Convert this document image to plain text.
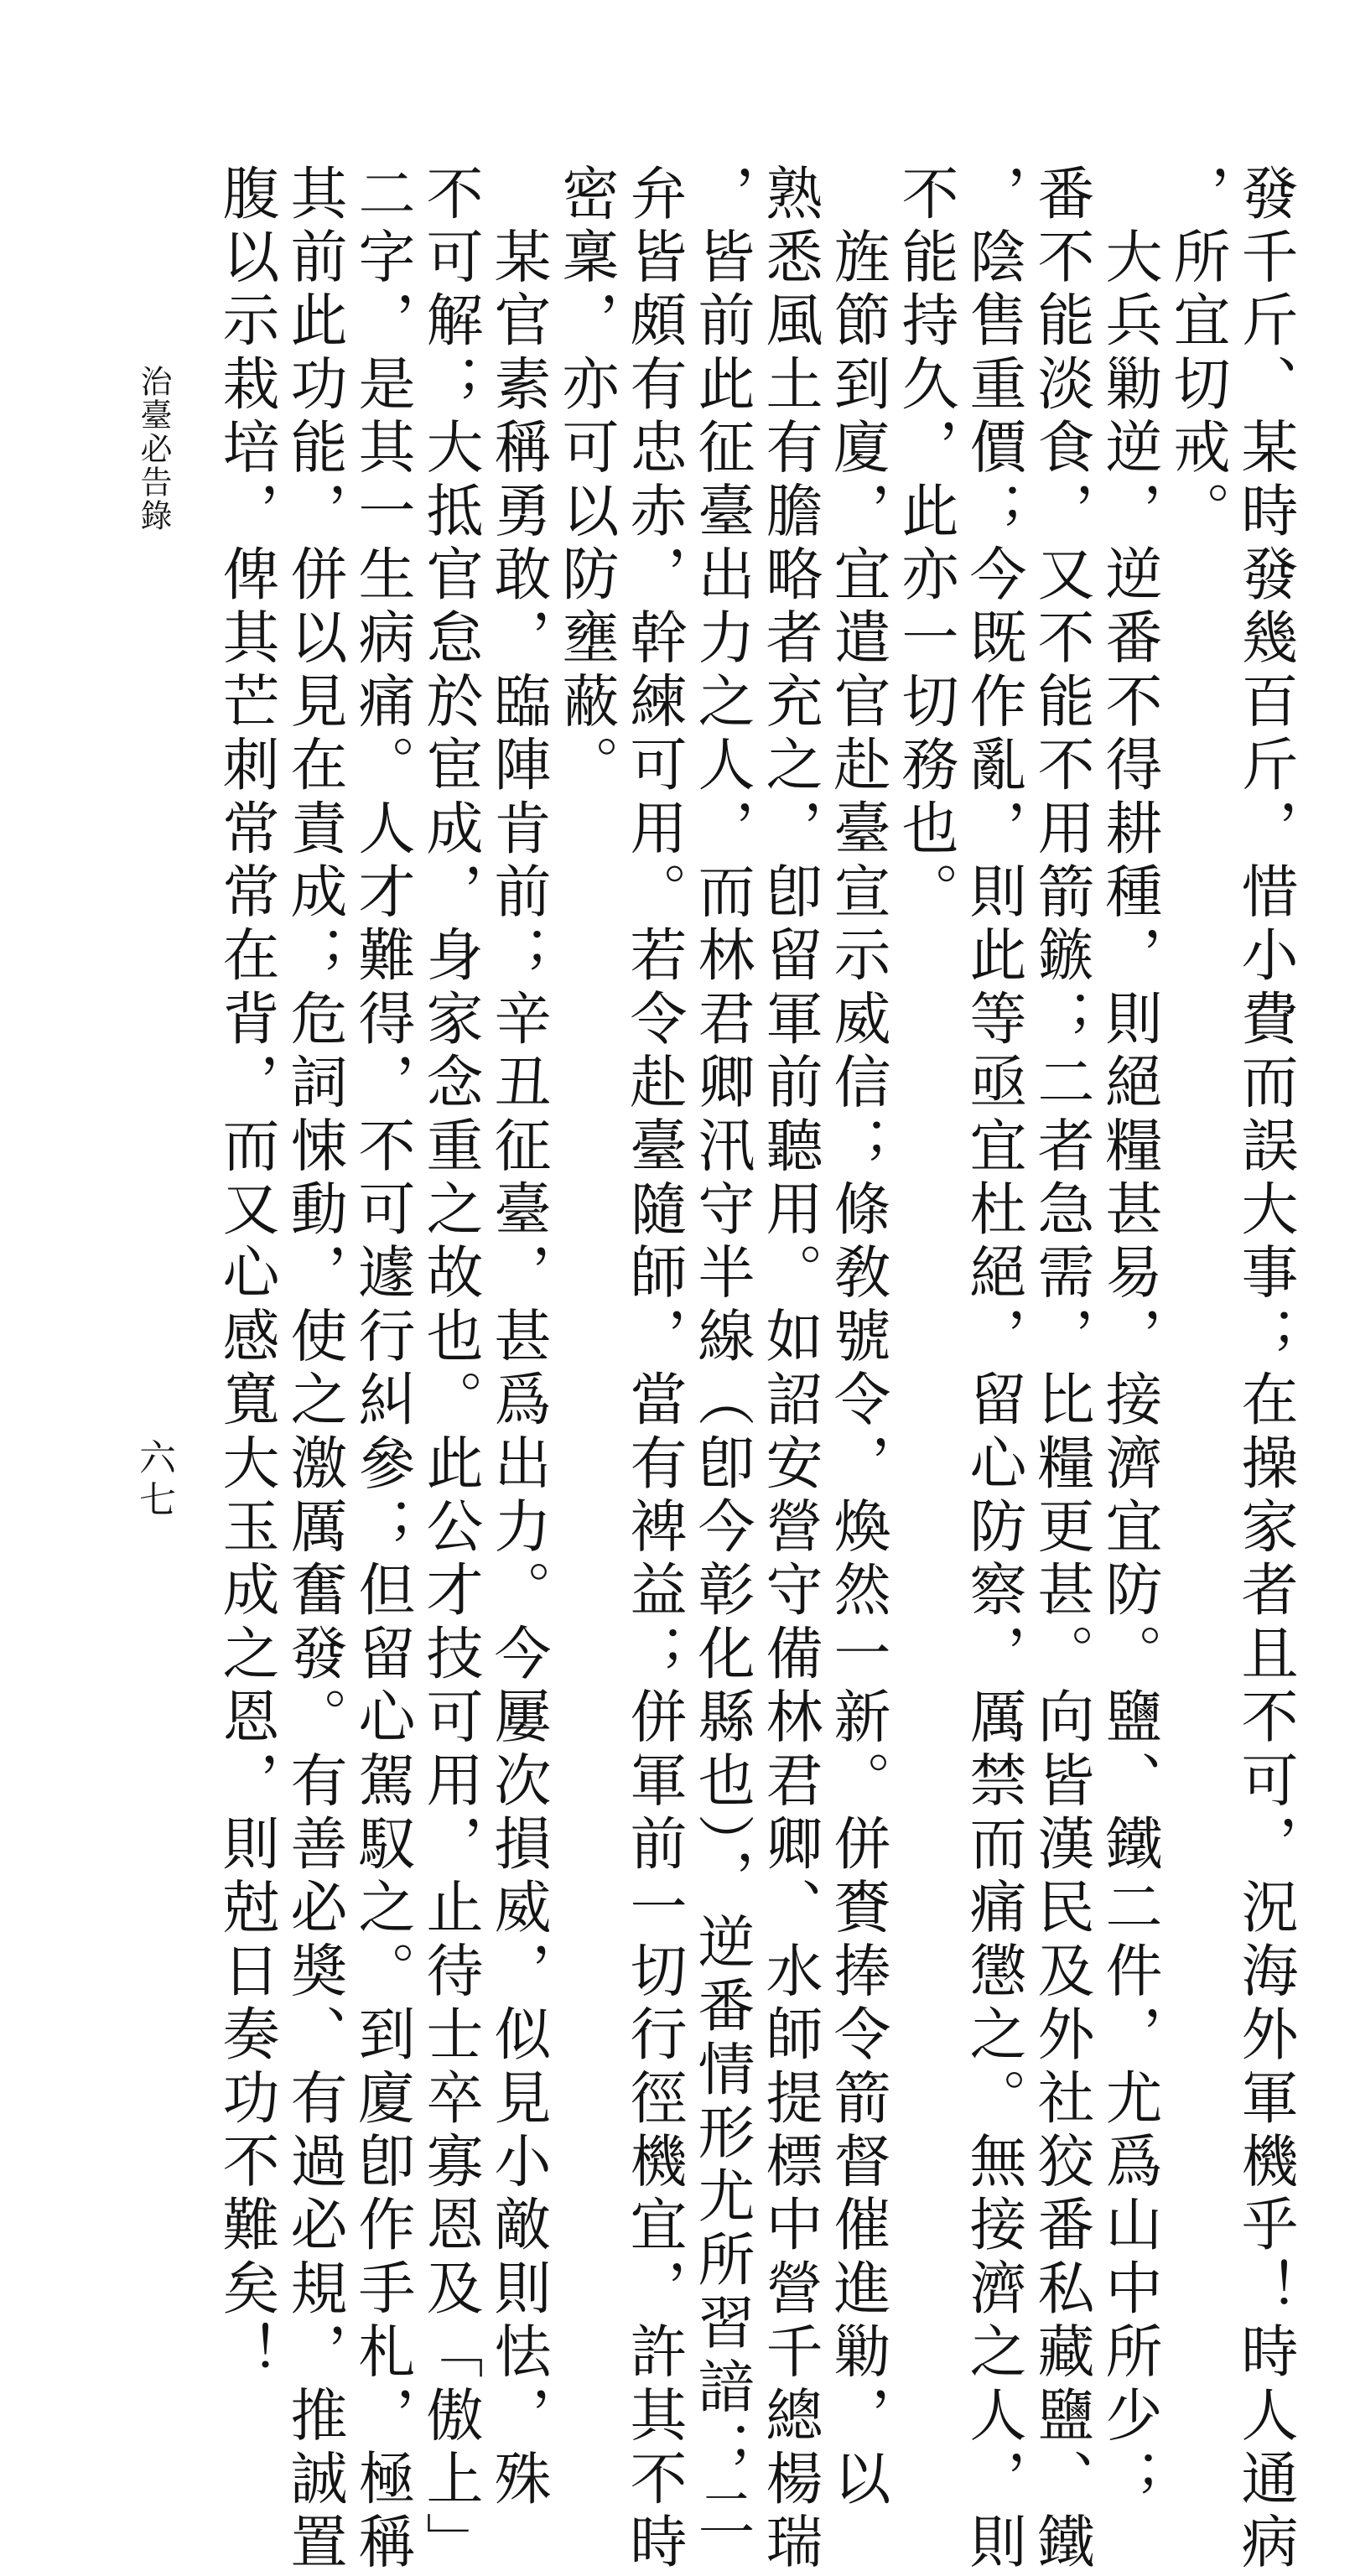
發千斤、某時發幾百斤，惜小費而誤大事；在操家者且不可，況海外軍機乎！時人通病
，所宜切戒。
　大兵勦逆，逆番不得耕種，則絕糧甚易，接濟宜防。鹽、鐵二件，尤爲山中所少；
番不能淡食，又不能不用箭鏃；二者急需，比糧更甚。向皆漢民及外社狡番私藏鹽、鐵
，陰售重價；今既作亂，則此等亟宜杜絕，留心防察，厲禁而痛懲之。無接濟之人，則
不能持久，此亦一切務也。
　旌節到廈，宜遣官赴臺宣示威信；條敎號令，煥然一新。併賚捧令箭督催進勦，以
熟悉風土有膽略者充之，卽留軍前聽用。如詔安營守備林君卿、水師提標中營千總楊瑞
，皆前此征臺出力之人，而林君卿汛守半線（卽今彰化縣也），逆番情形尤所習諳；二
弁皆頗有忠赤，幹練可用。若令赴臺隨師，當有裨益；併軍前一切行徑機宜，許其不時
密稟，亦可以防壅蔽。
　某官素稱勇敢，臨陣肯前；辛丑征臺，甚爲出力。今屢次損威，似見小敵則怯，殊
不可解；大抵官怠於宦成，身家念重之故也。此公才技可用，止待士卒寡恩及「傲上」
二字，是其一生病痛。人才難得，不可遽行糾參；但留心駕馭之。到廈卽作手札，極稱
其前此功能，併以見在責成；危詞悚動，使之激厲奮發。有善必奬、有過必規，推誠置
腹以示栽培，俾其芒刺常常在背，而又心感寬大玉成之恩，則尅日奏功不難矣！
治臺必告錄
六七
